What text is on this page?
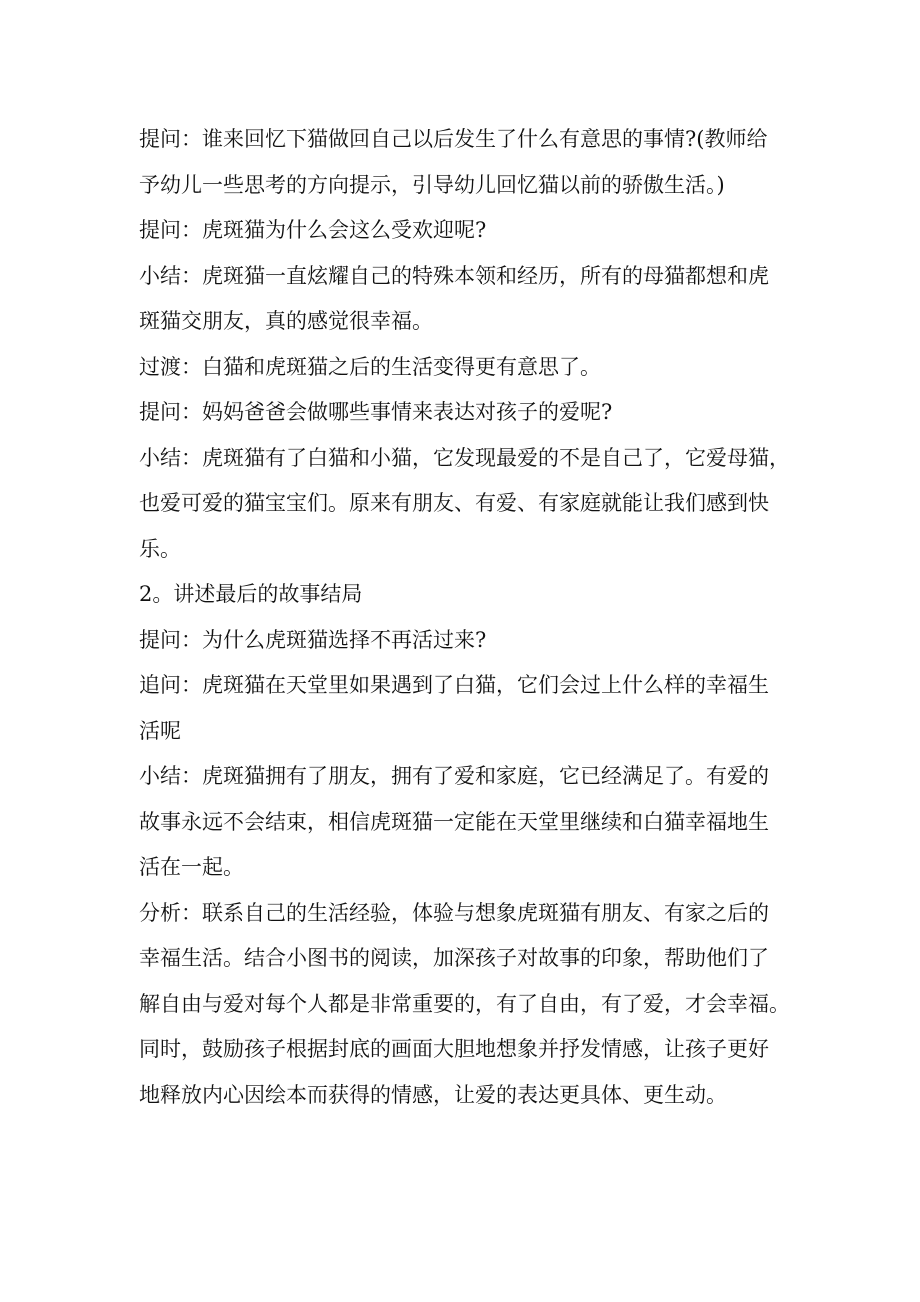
提问：谁来回忆下猫做回自己以后发生了什么有意思的事情?(教师给
予幼儿一些思考的方向提示，引导幼儿回忆猫以前的骄傲生活。)

提问：虎斑猫为什么会这么受欢迎呢?

小结：虎斑猫一直炫耀自己的特殊本领和经历，所有的母猫都想和虎
斑猫交朋友，真的感觉很幸福。

过渡：白猫和虎斑猫之后的生活变得更有意思了。

提问：妈妈爸爸会做哪些事情来表达对孩子的爱呢?

小结：虎斑猫有了白猫和小猫，它发现最爱的不是自己了，它爱母猫，
也爱可爱的猫宝宝们。原来有朋友、有爱、有家庭就能让我们感到快
乐。

2。讲述最后的故事结局

提问：为什么虎斑猫选择不再活过来?

追问：虎斑猫在天堂里如果遇到了白猫，它们会过上什么样的幸福生
活呢

小结：虎斑猫拥有了朋友，拥有了爱和家庭，它已经满足了。有爱的
故事永远不会结束，相信虎斑猫一定能在天堂里继续和白猫幸福地生
活在一起。

分析：联系自己的生活经验，体验与想象虎斑猫有朋友、有家之后的
幸福生活。结合小图书的阅读，加深孩子对故事的印象，帮助他们了
解自由与爱对每个人都是非常重要的，有了自由，有了爱，才会幸福。
同时，鼓励孩子根据封底的画面大胆地想象并抒发情感，让孩子更好
地释放内心因绘本而获得的情感，让爱的表达更具体、更生动。
